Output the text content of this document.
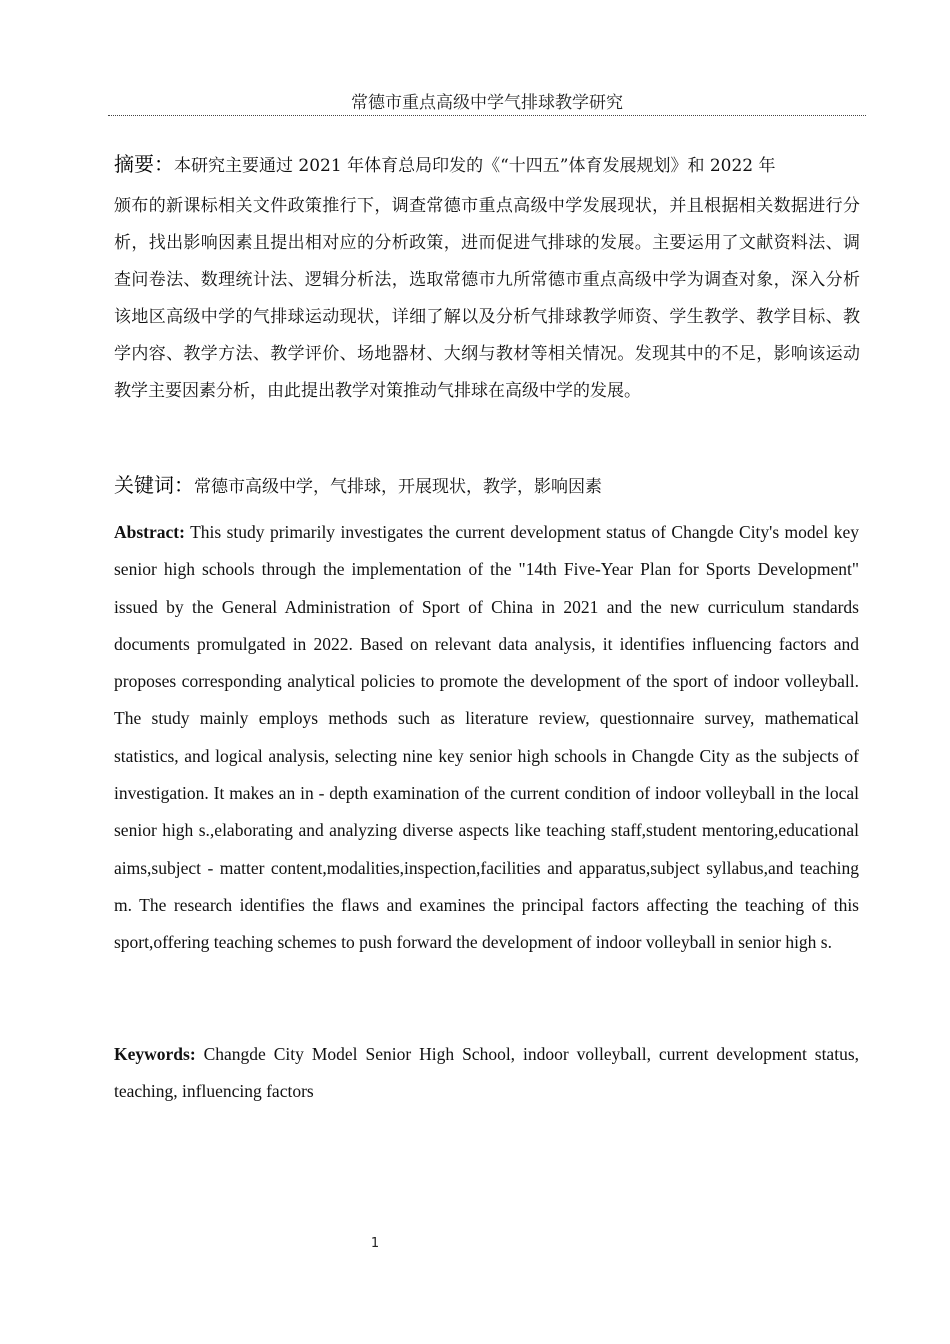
常德市重点高级中学气排球教学研究
摘要：本研究主要通过 2021 年体育总局印发的《“十四五”体育发展规划》和 2022 年
颁布的新课标相关文件政策推行下，调查常德市重点高级中学发展现状，并且根据相关数据进行分析，找出影响因素且提出相对应的分析政策，进而促进气排球的发展。主要运用了文献资料法、调查问卷法、数理统计法、逻辑分析法，选取常德市九所常德市重点高级中学为调查对象，深入分析该地区高级中学的气排球运动现状，详细了解以及分析气排球教学师资、学生教学、教学目标、教学内容、教学方法、教学评价、场地器材、大纲与教材等相关情况。发现其中的不足，影响该运动教学主要因素分析，由此提出教学对策推动气排球在高级中学的发展。
关键词：常德市高级中学，气排球，开展现状，教学，影响因素
Abstract: This study primarily investigates the current development status of Changde City's model key senior high schools through the implementation of the "14th Five-Year Plan for Sports Development" issued by the General Administration of Sport of China in 2021 and the new curriculum standards documents promulgated in 2022. Based on relevant data analysis, it identifies influencing factors and proposes corresponding analytical policies to promote the development of the sport of indoor volleyball. The study mainly employs methods such as literature review, questionnaire survey, mathematical statistics, and logical analysis, selecting nine key senior high schools in Changde City as the subjects of investigation. It makes an in - depth examination of the current condition of indoor volleyball in the local senior high s.,elaborating and analyzing diverse aspects like teaching staff,student mentoring,educational aims,subject - matter content,modalities,inspection,facilities and apparatus,subject syllabus,and teaching m. The research identifies the flaws and examines the principal factors affecting the teaching of this sport,offering teaching schemes to push forward the development of indoor volleyball in senior high s.
Keywords: Changde City Model Senior High School, indoor volleyball, current development status, teaching, influencing factors
1
